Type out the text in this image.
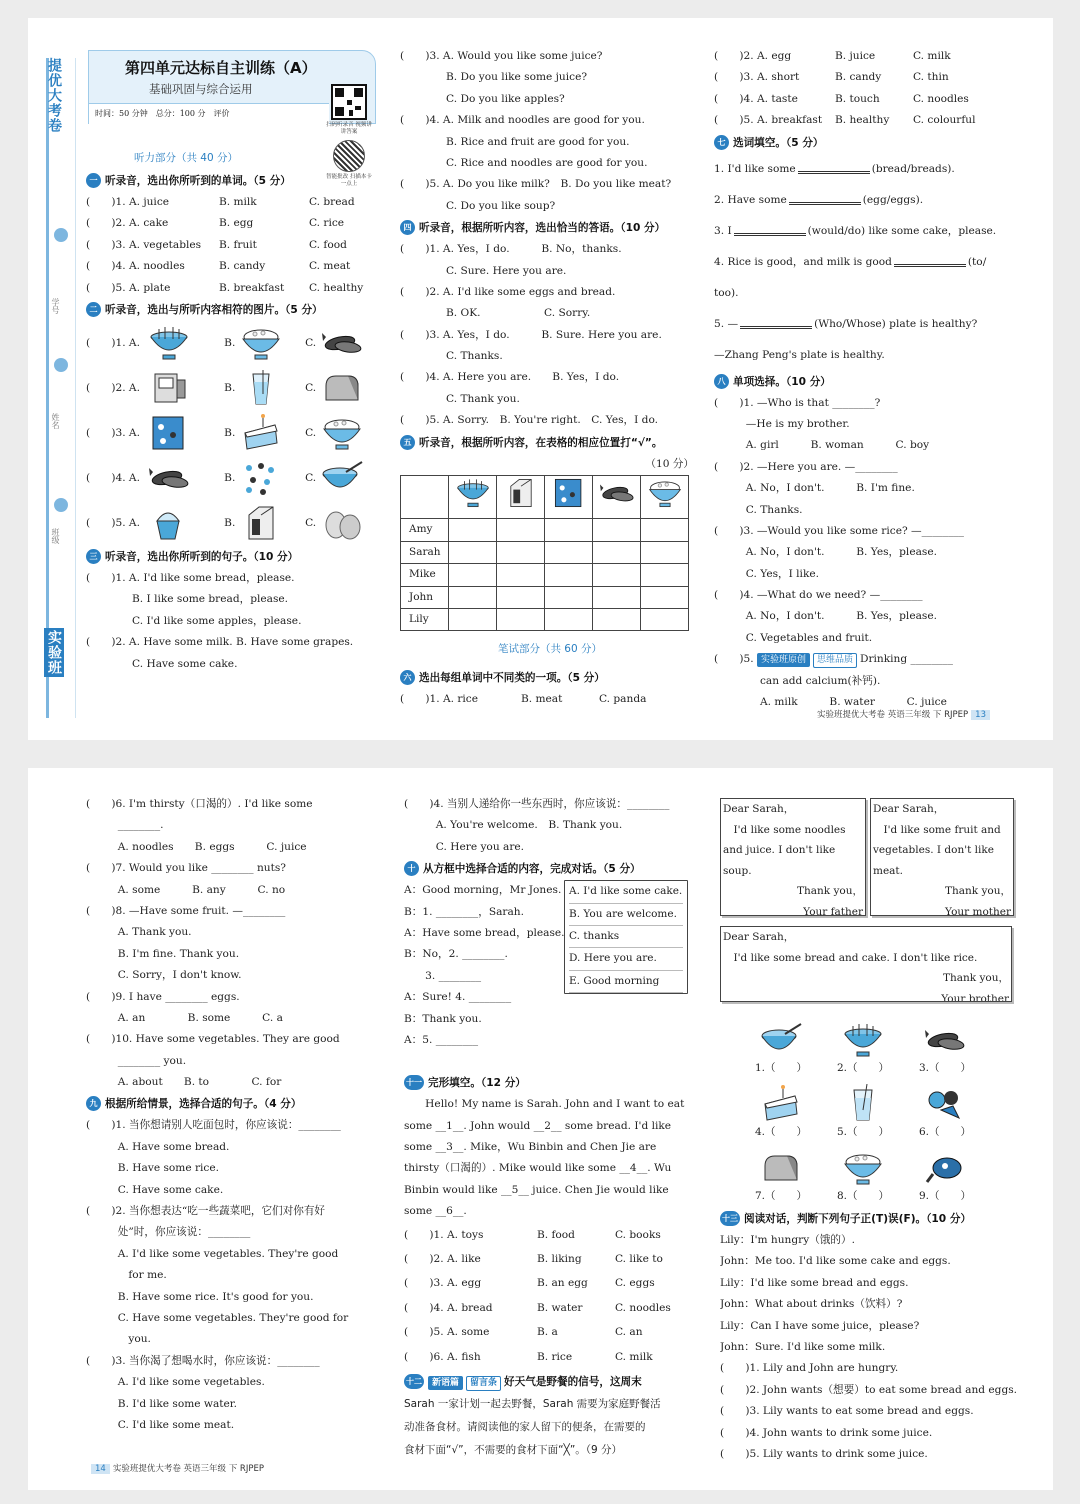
提优大考卷
学号
姓名
班级
实验班
第四单元达标自主训练（A）
基础巩固与综合运用
时间：50 分钟　总分：100 分　评价
扫码听录音 视频讲讲答案
智能批改 扫描本卡一点上
听力部分（共 40 分）
一 听录音，选出你所听到的单词。（5 分）
(　　)1. A. juice	B. milk	C. bread
(　　)2. A. cake	B. egg	C. rice
(　　)3. A. vegetables B. fruit	C. food
(　　)4. A. noodles	B. candy	C. meat
(　　)5. A. plate	B. breakfast C. healthy
二 听录音，选出与所听内容相符的图片。（5 分）
(　　)1. A.	B.	C.
(　　)2. A.	B.	C.
(　　)3. A.	B.	C.
(　　)4. A.	B.	C.
(　　)5. A.	B.	C.
三 听录音，选出你所听到的句子。（10 分）
(　　)1. A. I'd like some bread，please.
B. I like some bread，please.
C. I'd like some apples，please.
(　　)2. A. Have some milk. B. Have some grapes.
C. Have some cake.
(　　)3. A. Would you like some juice?
B. Do you like some juice?
C. Do you like apples?
(　　)4. A. Milk and noodles are good for you.
B. Rice and fruit are good for you.
C. Rice and noodles are good for you.
(　　)5. A. Do you like milk?　B. Do you like meat?
C. Do you like soup?
四 听录音，根据所听内容，选出恰当的答语。（10 分）
(　　)1. A. Yes，I do.　　　B. No，thanks.
C. Sure. Here you are.
(　　)2. A. I'd like some eggs and bread.
B. OK.　　　　　　C. Sorry.
(　　)3. A. Yes，I do.　　　B. Sure. Here you are.
C. Thanks.
(　　)4. A. Here you are.　　B. Yes，I do.
C. Thank you.
(　　)5. A. Sorry.　B. You're right.　C. Yes，I do.
五 听录音，根据所听内容，在表格的相应位置打“√”。
（10 分）

Amy					
Sarah					
Mike					
John					
Lily					
笔试部分（共 60 分）
六 选出每组单词中不同类的一项。（5 分）
(　　)1. A. rice	B. meat	C. panda
(　　)2. A. egg	B. juice	C. milk
(　　)3. A. short	B. candy	C. thin
(　　)4. A. taste	B. touch	C. noodles
(　　)5. A. breakfast B. healthy C. colourful
七 选词填空。（5 分）
1. I'd like some	(bread/breads).
2. Have some	(egg/eggs).
3. I	(would/do) like some cake，please.
4. Rice is good，and milk is good	(to/
too).
5. —	(Who/Whose) plate is healthy?
—Zhang Peng's plate is healthy.
八 单项选择。（10 分）
(　　)1. —Who is that ________?
　　　—He is my brother.
　　　A. girl　　　B. woman　　　C. boy
(　　)2. —Here you are. —________
　　　A. No，I don't.　　　B. I'm fine.
　　　C. Thanks.
(　　)3. —Would you like some rice? —________
　　　A. No，I don't.　　　B. Yes，please.
　　　C. Yes，I like.
(　　)4. —What do we need? —________
　　　A. No，I don't.　　　B. Yes，please.
　　　C. Vegetables and fruit.
(　　)5. 实验班原创 思维品质 Drinking ________
can add calcium(补钙).
A. milk　　　B. water　　　C. juice
实验班提优大考卷 英语三年级 下 RJPEP 13
(　　)6. I'm thirsty（口渴的）. I'd like some
　　　________.
　　　A. noodles　　B. eggs　　　C. juice
(　　)7. Would you like ________ nuts?
　　　A. some　　　B. any　　　C. no
(　　)8. —Have some fruit. —________
　　　A. Thank you.
　　　B. I'm fine. Thank you.
　　　C. Sorry，I don't know.
(　　)9. I have ________ eggs.
　　　A. an　　　　B. some　　　C. a
(　　)10. Have some vegetables. They are good
　　　________ you.
　　　A. about　　B. to　　　　C. for
九 根据所给情景，选择合适的句子。（4 分）
(　　)1. 当你想请别人吃面包时，你应该说：________
　　　A. Have some bread.
　　　B. Have some rice.
　　　C. Have some cake.
(　　)2. 当你想表达“吃一些蔬菜吧，它们对你有好
　　　处”时，你应该说：________
　　　A. I'd like some vegetables. They're good
　　　　for me.
　　　B. Have some rice. It's good for you.
　　　C. Have some vegetables. They're good for
　　　　you.
(　　)3. 当你渴了想喝水时，你应该说：________
　　　A. I'd like some vegetables.
　　　B. I'd like some water.
　　　C. I'd like some meat.
(　　)4. 当别人递给你一些东西时，你应该说：________
　　　A. You're welcome.　B. Thank you.
　　　C. Here you are.
十 从方框中选择合适的内容，完成对话。（5 分）
A：Good morning，Mr Jones.
B：1. ________，Sarah.
A：Have some bread，please.
B：No，2. ________.
　　3. ________
A：Sure! 4. ________
B：Thank you.
A：5. ________
A. I'd like some cake.
B. You are welcome.
C. thanks
D. Here you are.
E. Good morning
十一 完形填空。（12 分）
　　Hello! My name is Sarah. John and I want to eat
some __1__. John would __2__ some bread. I'd like
some __3__. Mike，Wu Binbin and Chen Jie are
thirsty（口渴的）. Mike would like some __4__. Wu
Binbin would like __5__ juice. Chen Jie would like
some __6__.
(　　)1. A. toys	B. food	C. books
(　　)2. A. like	B. liking	C. like to
(　　)3. A. egg	B. an egg	C. eggs
(　　)4. A. bread	B. water	C. noodles
(　　)5. A. some	B. a	C. an
(　　)6. A. fish	B. rice	C. milk
十二 新语篇 留言条 好天气是野餐的信号，这周末
Sarah 一家计划一起去野餐，Sarah 需要为家庭野餐活
动准备食材。请阅读他的家人留下的便条，在需要的
食材下面“√”，不需要的食材下面“╳”。（9 分）
Dear Sarah，
　I'd like some noodles
and juice. I don't like
soup.
Thank you，
Your father
Dear Sarah，
　I'd like some fruit and
vegetables. I don't like
meat.
Thank you，
Your mother
Dear Sarah，
　I'd like some bread and cake. I don't like rice.
Thank you，
Your brother
1.（　　）	2.（　　）	3.（　　）
4.（　　）	5.（　　）	6.（　　）
7.（　　）	8.（　　）	9.（　　）
十三 阅读对话，判断下列句子正(T)误(F)。（10 分）
Lily：I'm hungry（饿的）.
John：Me too. I'd like some cake and eggs.
Lily：I'd like some bread and eggs.
John：What about drinks（饮料）?
Lily：Can I have some juice，please?
John：Sure. I'd like some milk.
(　　)1. Lily and John are hungry.
(　　)2. John wants（想要）to eat some bread and eggs.
(　　)3. Lily wants to eat some bread and eggs.
(　　)4. John wants to drink some juice.
(　　)5. Lily wants to drink some juice.
14 实验班提优大考卷 英语三年级 下 RJPEP
